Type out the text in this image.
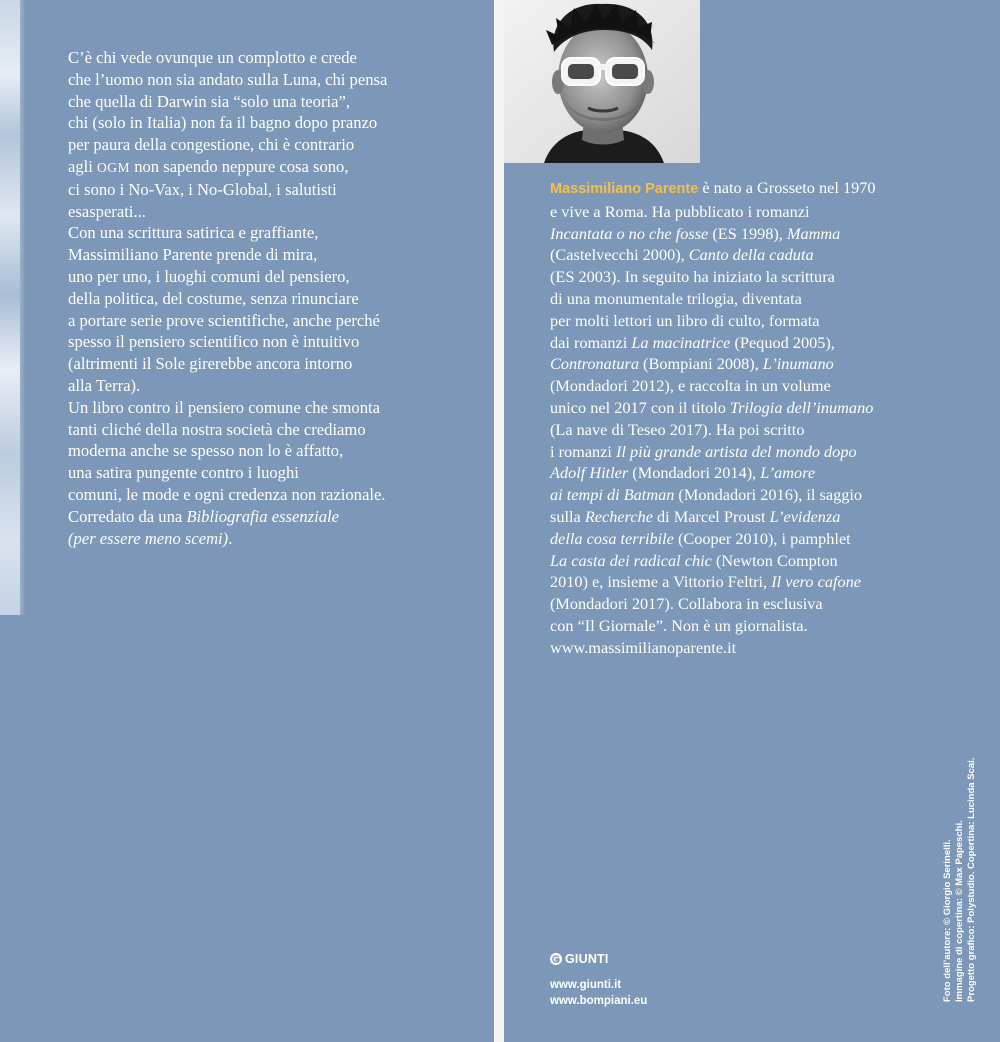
C’è chi vede ovunque un complotto e crede
che l’uomo non sia andato sulla Luna, chi pensa
che quella di Darwin sia “solo una teoria”,
chi (solo in Italia) non fa il bagno dopo pranzo
per paura della congestione, chi è contrario
agli OGM non sapendo neppure cosa sono,
ci sono i No-Vax, i No-Global, i salutisti
esasperati...
Con una scrittura satirica e graffiante,
Massimiliano Parente prende di mira,
uno per uno, i luoghi comuni del pensiero,
della politica, del costume, senza rinunciare
a portare serie prove scientifiche, anche perché
spesso il pensiero scientifico non è intuitivo
(altrimenti il Sole girerebbe ancora intorno
alla Terra).
Un libro contro il pensiero comune che smonta
tanti cliché della nostra società che crediamo
moderna anche se spesso non lo è affatto,
una satira pungente contro i luoghi
comuni, le mode e ogni credenza non razionale.
Corredato da una Bibliografia essenziale
(per essere meno scemi).
Massimiliano Parente è nato a Grosseto nel 1970
e vive a Roma. Ha pubblicato i romanzi
Incantata o no che fosse (ES 1998), Mamma
(Castelvecchi 2000), Canto della caduta
(ES 2003). In seguito ha iniziato la scrittura
di una monumentale trilogia, diventata
per molti lettori un libro di culto, formata
dai romanzi La macinatrice (Pequod 2005),
Contronatura (Bompiani 2008), L’inumano
(Mondadori 2012), e raccolta in un volume
unico nel 2017 con il titolo Trilogia dell’inumano
(La nave di Teseo 2017). Ha poi scritto
i romanzi Il più grande artista del mondo dopo
Adolf Hitler (Mondadori 2014), L’amore
ai tempi di Batman (Mondadori 2016), il saggio
sulla Recherche di Marcel Proust L’evidenza
della cosa terribile (Cooper 2010), i pamphlet
La casta dei radical chic (Newton Compton
2010) e, insieme a Vittorio Feltri, Il vero cafone
(Mondadori 2017). Collabora in esclusiva
con “Il Giornale”. Non è un giornalista.
www.massimilianoparente.it
GIUNTI
www.giunti.it
www.bompiani.eu	Foto dell’autore: © Giorgio Serinelli. Immagine di copertina: © Max Papeschi. Progetto grafico: Polystudio. Copertina: Lucinda Scai.
